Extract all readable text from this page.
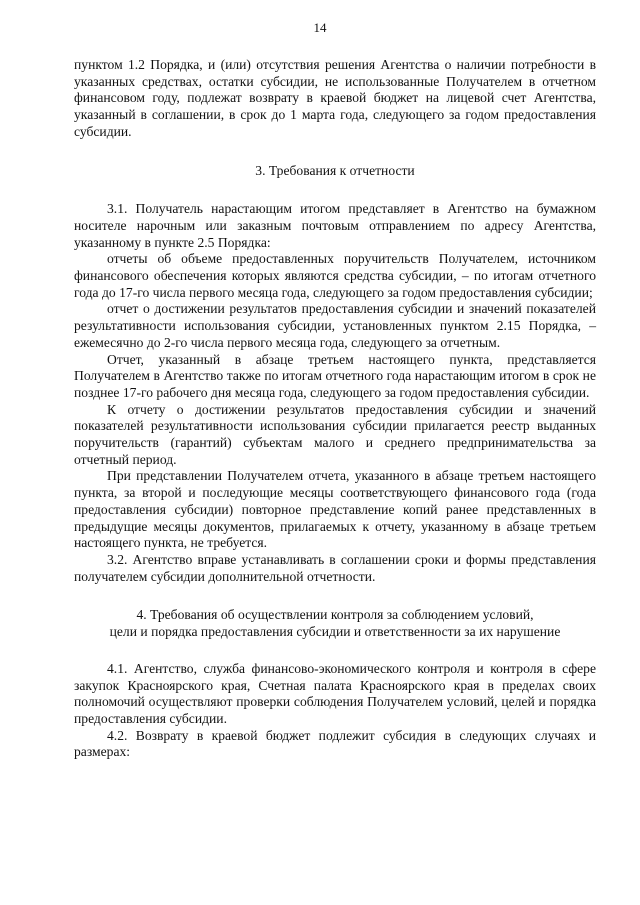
14

пунктом 1.2 Порядка, и (или) отсутствия решения Агентства о наличии потребности в указанных средствах, остатки субсидии, не использованные Получателем в отчетном финансовом году, подлежат возврату в краевой бюджет на лицевой счет Агентства, указанный в соглашении, в срок до 1 марта года, следующего за годом предоставления субсидии.

3. Требования к отчетности

3.1. Получатель нарастающим итогом представляет в Агентство на бумажном носителе нарочным или заказным почтовым отправлением по адресу Агентства, указанному в пункте 2.5 Порядка:

отчеты об объеме предоставленных поручительств Получателем, источником финансового обеспечения которых являются средства субсидии, – по итогам отчетного года до 17-го числа первого месяца года, следующего за годом предоставления субсидии;

отчет о достижении результатов предоставления субсидии и значений показателей результативности использования субсидии, установленных пунктом 2.15 Порядка, – ежемесячно до 2-го числа первого месяца года, следующего за отчетным.

Отчет, указанный в абзаце третьем настоящего пункта, представляется Получателем в Агентство также по итогам отчетного года нарастающим итогом в срок не позднее 17-го рабочего дня месяца года, следующего за годом предоставления субсидии.

К отчету о достижении результатов предоставления субсидии и значений показателей результативности использования субсидии прилагается реестр выданных поручительств (гарантий) субъектам малого и среднего предпринимательства за отчетный период.

При представлении Получателем отчета, указанного в абзаце третьем настоящего пункта, за второй и последующие месяцы соответствующего финансового года (года предоставления субсидии) повторное представление копий ранее представленных в предыдущие месяцы документов, прилагаемых к отчету, указанному в абзаце третьем настоящего пункта, не требуется.

3.2. Агентство вправе устанавливать в соглашении сроки и формы представления получателем субсидии дополнительной отчетности.

4. Требования об осуществлении контроля за соблюдением условий,
цели и порядка предоставления субсидии и ответственности за их нарушение

4.1. Агентство, служба финансово-экономического контроля и контроля в сфере закупок Красноярского края, Счетная палата Красноярского края в пределах своих полномочий осуществляют проверки соблюдения Получателем условий, целей и порядка предоставления субсидии.

4.2. Возврату в краевой бюджет подлежит субсидия в следующих случаях и размерах:
